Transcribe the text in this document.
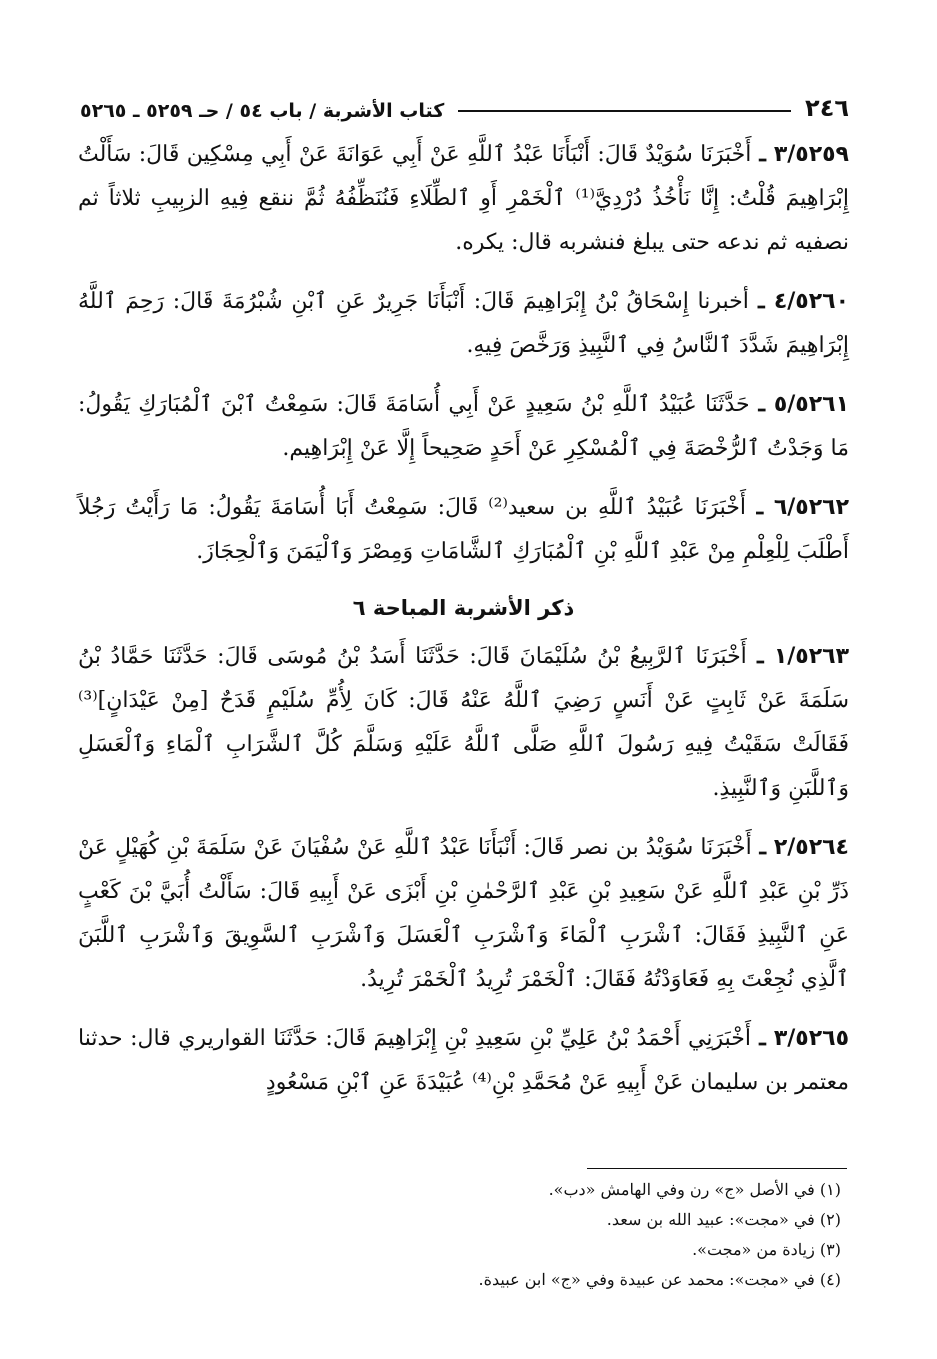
٢٤٦
كتاب الأشربة / باب ٥٤ / حـ ٥٢٥٩ ـ ٥٢٦٥

٣/٥٢٥٩ ـ أَخْبَرَنَا سُوَيْدٌ قَالَ: أَنْبَأَنَا عَبْدُ ٱللَّهِ عَنْ أَبِي عَوَانَةَ عَنْ أَبِي مِسْكِين قَالَ: سَأَلْتُ إِبْرَاهِيمَ قُلْتُ: إِنَّا نَأْخُذُ دُرْدِيَّ⁽¹⁾ ٱلْخَمْرِ أَوِ ٱلطِّلَاءِ فَنُنَظِّفُهُ ثُمَّ ننقع فِيهِ الزبِيبِ ثلاثاً ثم نصفيه ثم ندعه حتى يبلغ فنشربه قال: يكره.

٤/٥٢٦٠ ـ أخبرنا إِسْحَاقُ بْنُ إِبْرَاهِيمَ قَالَ: أَنْبَأَنَا جَرِيرٌ عَنِ ٱبْنِ شُبْرُمَةَ قَالَ: رَحِمَ ٱللَّهُ إِبْرَاهِيمَ شَدَّدَ ٱلنَّاسُ فِي ٱلنَّبِيذِ وَرَخَّصَ فِيهِ.

٥/٥٢٦١ ـ حَدَّثَنَا عُبَيْدُ ٱللَّهِ بْنُ سَعِيدٍ عَنْ أَبِي أُسَامَةَ قَالَ: سَمِعْتُ ٱبْنَ ٱلْمُبَارَكِ يَقُولُ: مَا وَجَدْتُ ٱلرُّخْصَةَ فِي ٱلْمُسْكِرِ عَنْ أَحَدٍ صَحِيحاً إِلَّا عَنْ إِبْرَاهِيم.

٦/٥٢٦٢ ـ أَخْبَرَنَا عُبَيْدُ ٱللَّهِ بن سعيد⁽²⁾ قَالَ: سَمِعْتُ أَبَا أُسَامَةَ يَقُولُ: مَا رَأَيْتُ رَجُلاً أَطْلَبَ لِلْعِلْمِ مِنْ عَبْدِ ٱللَّهِ بْنِ ٱلْمُبَارَكِ ٱلشَّامَاتِ وَمِصْرَ وَٱلْيَمَنَ وَٱلْحِجَازَ.

ذكر الأشربة المباحة ٦

١/٥٢٦٣ ـ أَخْبَرَنَا ٱلرَّبِيعُ بْنُ سُلَيْمَانَ قَالَ: حَدَّثَنَا أَسَدُ بْنُ مُوسَى قَالَ: حَدَّثَنَا حَمَّادُ بْنُ سَلَمَةَ عَنْ ثَابِتٍ عَنْ أَنَسٍ رَضِيَ ٱللَّهُ عَنْهُ قَالَ: كَانَ لِأُمِّ سُلَيْمٍ قَدَحٌ [مِنْ عَيْدَانٍ]⁽³⁾ فَقَالَتْ سَقَيْتُ فِيهِ رَسُولَ ٱللَّهِ صَلَّى ٱللَّهُ عَلَيْهِ وَسَلَّمَ كُلَّ ٱلشَّرَابِ ٱلْمَاءِ وَٱلْعَسَلِ وَٱللَّبَنِ وَٱلنَّبِيذِ.

٢/٥٢٦٤ ـ أَخْبَرَنَا سُوَيْدُ بن نصر قَالَ: أَنْبَأَنَا عَبْدُ ٱللَّهِ عَنْ سُفْيَانَ عَنْ سَلَمَةَ بْنِ كُهَيْلٍ عَنْ ذَرِّ بْنِ عَبْدِ ٱللَّهِ عَنْ سَعِيدِ بْنِ عَبْدِ ٱلرَّحْمٰنِ بْنِ أَبْزَى عَنْ أَبِيهِ قَالَ: سَأَلْتُ أُبَيَّ بْنَ كَعْبٍ عَنِ ٱلنَّبِيذِ فَقَالَ: ٱشْرَبِ ٱلْمَاءَ وَٱشْرَبِ ٱلْعَسَلَ وَٱشْرَبِ ٱلسَّوِيقَ وَٱشْرَبِ ٱللَّبَنَ ٱلَّذِي نُجِعْتَ بِهِ فَعَاوَدْتُهُ فَقَالَ: ٱلْخَمْرَ تُرِيدُ ٱلْخَمْرَ تُرِيدُ.

٣/٥٢٦٥ ـ أَخْبَرَنِي أَحْمَدُ بْنُ عَلِيِّ بْنِ سَعِيدِ بْنِ إِبْرَاهِيمَ قَالَ: حَدَّثَنَا القواريري قال: حدثنا معتمر بن سليمان عَنْ أَبِيهِ عَنْ مُحَمَّدِ بْنِ⁽⁴⁾ عُبَيْدَةَ عَنِ ٱبْنِ مَسْعُودٍ

(١) في الأصل «ج» رن وفي الهامش «دب».
(٢) في «مجت»: عبيد الله بن سعد.
(٣) زيادة من «مجت».
(٤) في «مجت»: محمد عن عبيدة وفي «ج» ابن عبيدة.
